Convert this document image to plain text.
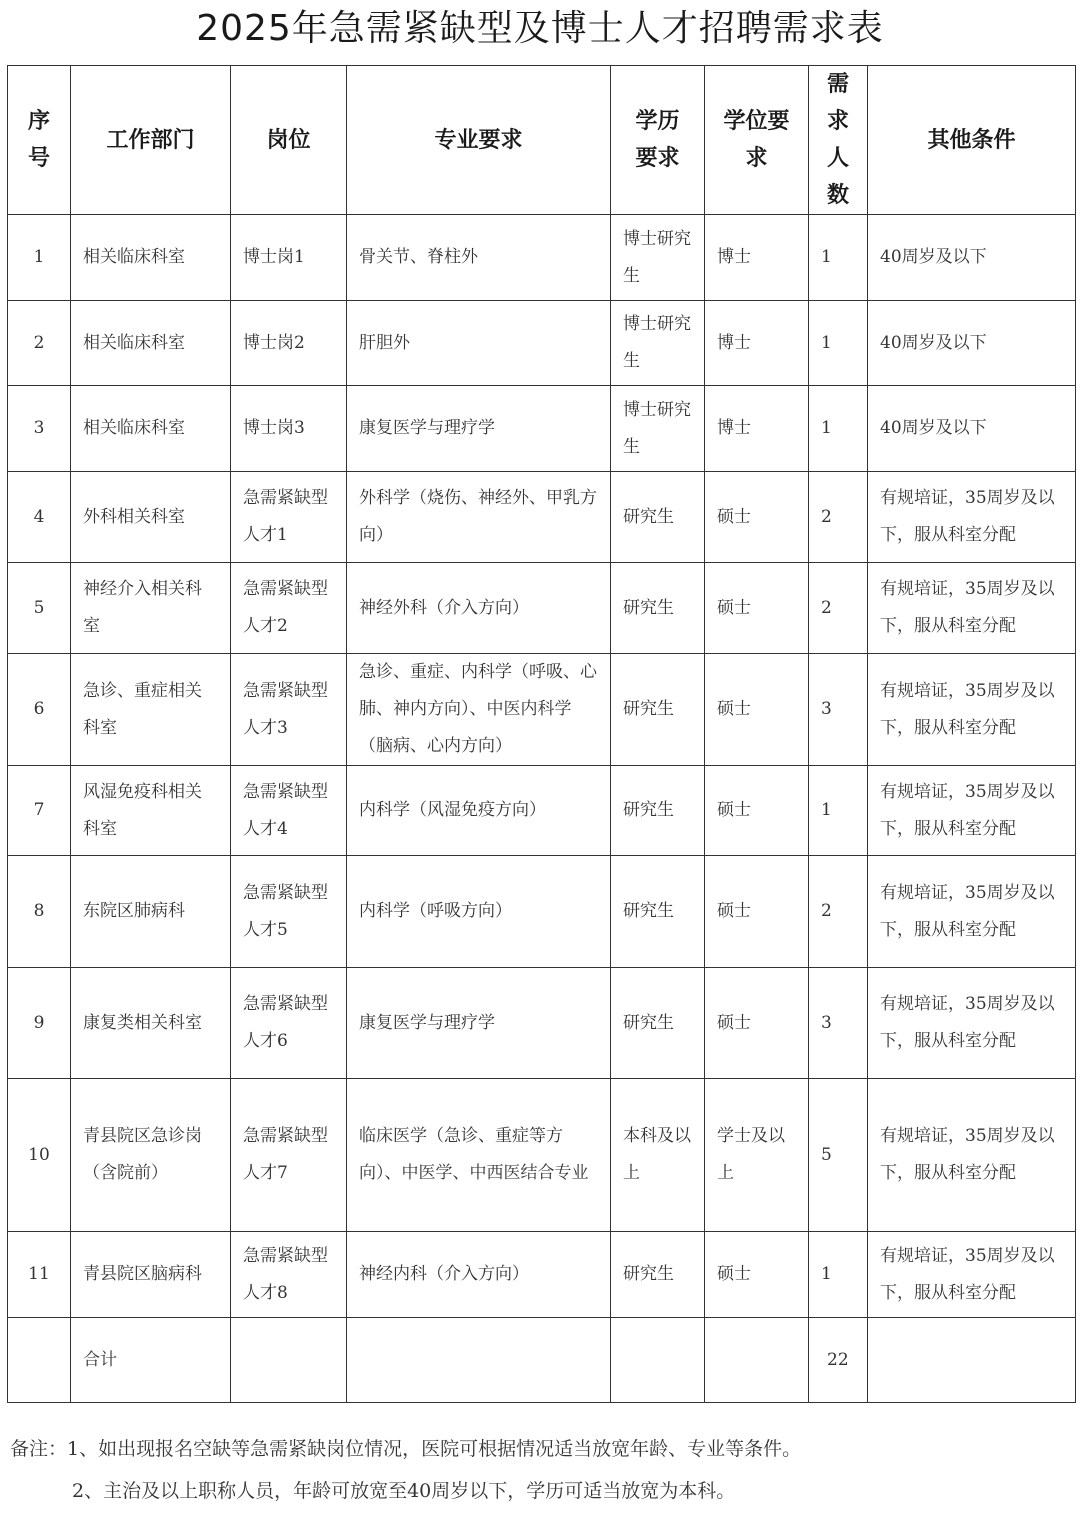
2025年急需紧缺型及博士人才招聘需求表
序号	工作部门	岗位	专业要求	学历要求	学位要求	需求人数	其他条件
1	相关临床科室	博士岗1	骨关节、脊柱外	博士研究生	博士	1	40周岁及以下
2	相关临床科室	博士岗2	肝胆外	博士研究生	博士	1	40周岁及以下
3	相关临床科室	博士岗3	康复医学与理疗学	博士研究生	博士	1	40周岁及以下
4	外科相关科室	急需紧缺型人才1	外科学（烧伤、神经外、甲乳方向）	研究生	硕士	2	有规培证，35周岁及以下，服从科室分配
5	神经介入相关科室	急需紧缺型人才2	神经外科（介入方向）	研究生	硕士	2	有规培证，35周岁及以下，服从科室分配
6	急诊、重症相关科室	急需紧缺型人才3	急诊、重症、内科学（呼吸、心肺、神内方向）、中医内科学（脑病、心内方向）	研究生	硕士	3	有规培证，35周岁及以下，服从科室分配
7	风湿免疫科相关科室	急需紧缺型人才4	内科学（风湿免疫方向）	研究生	硕士	1	有规培证，35周岁及以下，服从科室分配
8	东院区肺病科	急需紧缺型人才5	内科学（呼吸方向）	研究生	硕士	2	有规培证，35周岁及以下，服从科室分配
9	康复类相关科室	急需紧缺型人才6	康复医学与理疗学	研究生	硕士	3	有规培证，35周岁及以下，服从科室分配
10	青县院区急诊岗（含院前）	急需紧缺型人才7	临床医学（急诊、重症等方向）、中医学、中西医结合专业	本科及以上	学士及以上	5	有规培证，35周岁及以下，服从科室分配
11	青县院区脑病科	急需紧缺型人才8	神经内科（介入方向）	研究生	硕士	1	有规培证，35周岁及以下，服从科室分配
	合计					22	
备注：1、如出现报名空缺等急需紧缺岗位情况，医院可根据情况适当放宽年龄、专业等条件。
2、主治及以上职称人员，年龄可放宽至40周岁以下，学历可适当放宽为本科。
